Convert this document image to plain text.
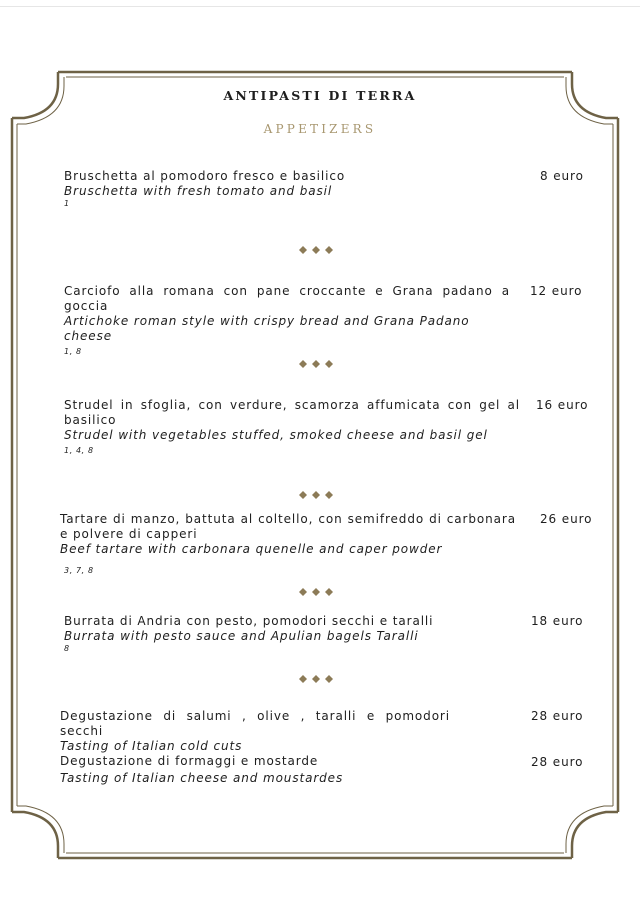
ANTIPASTI DI TERRA
APPETIZERS
Bruschetta al pomodoro fresco e basilico
Bruschetta with fresh tomato and basil
1
8 euro
Carciofo alla romana con pane croccante e Grana padano a goccia
Artichoke roman style with crispy bread and Grana Padano cheese
1, 8
12 euro
Strudel in sfoglia, con verdure, scamorza affumicata con gel al basilico
Strudel with vegetables stuffed, smoked cheese and basil gel
1, 4, 8
16 euro
Tartare di manzo, battuta al coltello, con semifreddo di carbonara e polvere di capperi
Beef tartare with carbonara quenelle and caper powder
3, 7, 8
26 euro
Burrata di Andria con pesto, pomodori secchi e taralli
Burrata with pesto sauce and Apulian bagels Taralli
8
18 euro
Degustazione di salumi , olive , taralli e pomodori secchi
Tasting of Italian cold cuts
28 euro
Degustazione di formaggi e mostarde
Tasting of Italian cheese and moustardes
28 euro
